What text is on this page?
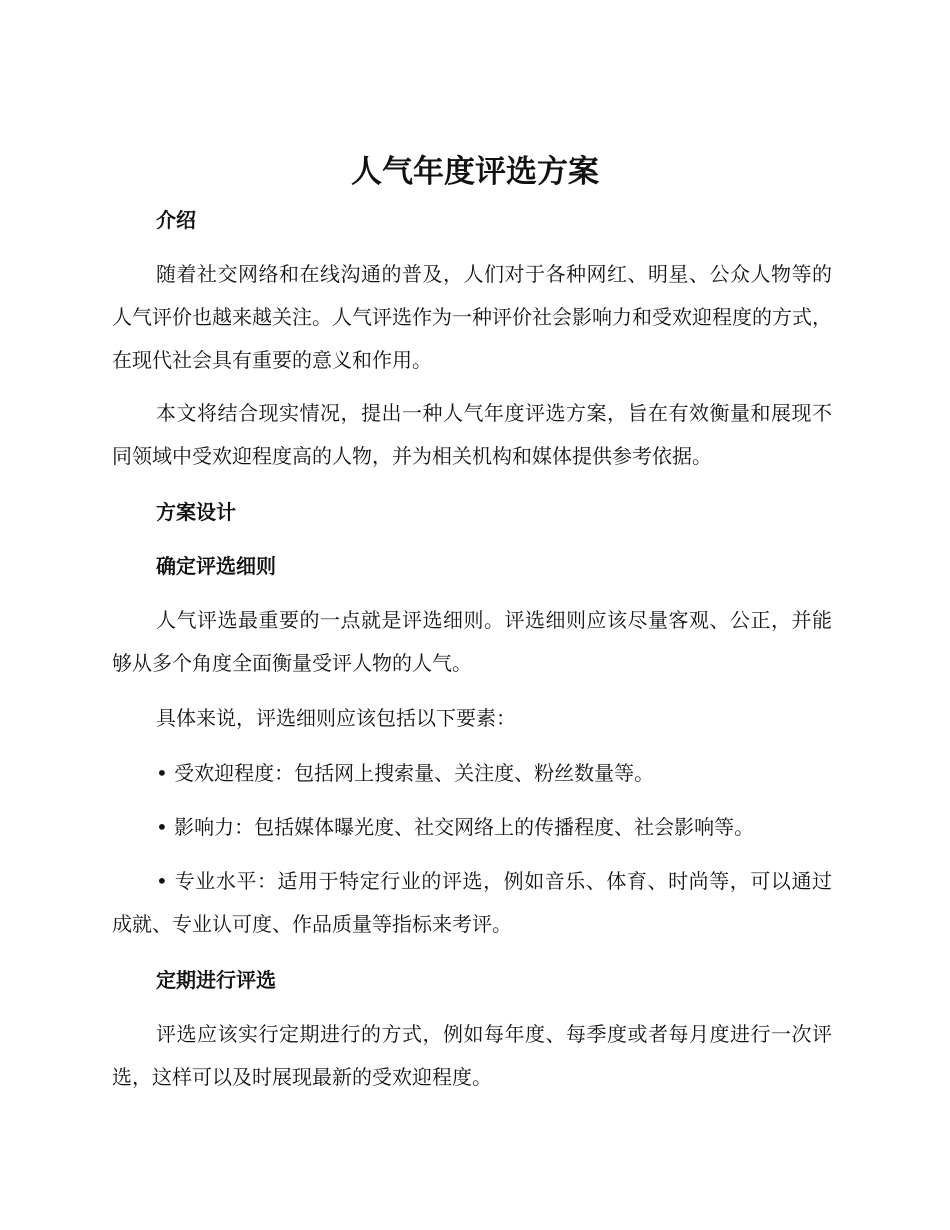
人气年度评选方案
介绍

随着社交网络和在线沟通的普及，人们对于各种网红、明星、公众人物等的人气评价也越来越关注。人气评选作为一种评价社会影响力和受欢迎程度的方式，在现代社会具有重要的意义和作用。

本文将结合现实情况，提出一种人气年度评选方案，旨在有效衡量和展现不同领域中受欢迎程度高的人物，并为相关机构和媒体提供参考依据。

方案设计
确定评选细则

人气评选最重要的一点就是评选细则。评选细则应该尽量客观、公正，并能够从多个角度全面衡量受评人物的人气。

具体来说，评选细则应该包括以下要素：

• 受欢迎程度：包括网上搜索量、关注度、粉丝数量等。

• 影响力：包括媒体曝光度、社交网络上的传播程度、社会影响等。

• 专业水平：适用于特定行业的评选，例如音乐、体育、时尚等，可以通过成就、专业认可度、作品质量等指标来考评。

定期进行评选

评选应该实行定期进行的方式，例如每年度、每季度或者每月度进行一次评选，这样可以及时展现最新的受欢迎程度。
